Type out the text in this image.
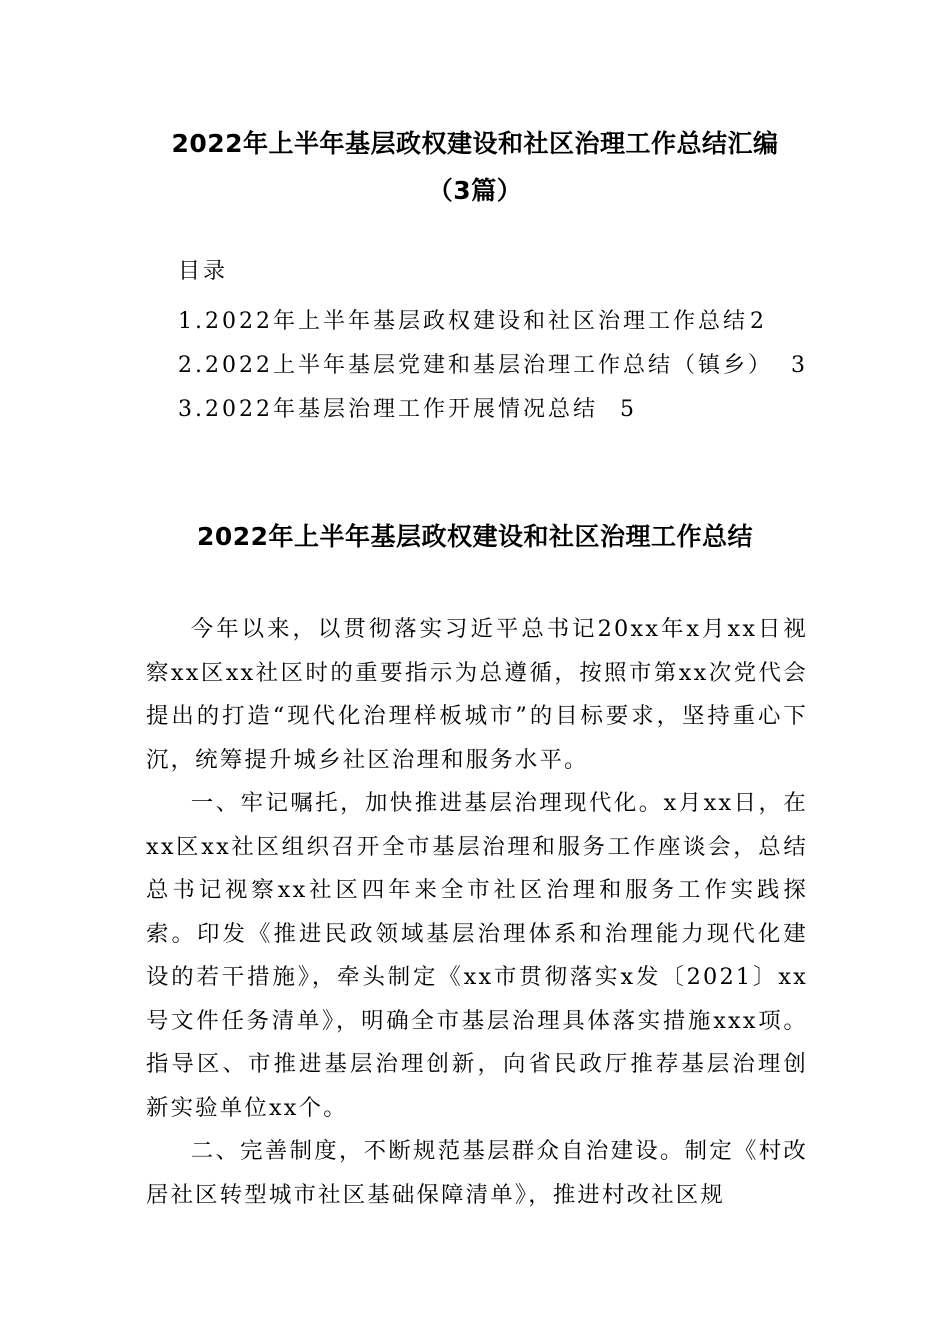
2022年上半年基层政权建设和社区治理工作总结汇编
（3篇）
目录
1.2022年上半年基层政权建设和社区治理工作总结2
2.2022上半年基层党建和基层治理工作总结（镇乡） 3
3.2022年基层治理工作开展情况总结 5
2022年上半年基层政权建设和社区治理工作总结

今年以来，以贯彻落实习近平总书记20xx年x月xx日视察xx区xx社区时的重要指示为总遵循，按照市第xx次党代会提出的打造“现代化治理样板城市”的目标要求，坚持重心下沉，统筹提升城乡社区治理和服务水平。

一、牢记嘱托，加快推进基层治理现代化。x月xx日，在xx区xx社区组织召开全市基层治理和服务工作座谈会，总结总书记视察xx社区四年来全市社区治理和服务工作实践探索。印发《推进民政领域基层治理体系和治理能力现代化建设的若干措施》，牵头制定《xx市贯彻落实x发〔2021〕xx号文件任务清单》，明确全市基层治理具体落实措施xxx项。指导区、市推进基层治理创新，向省民政厅推荐基层治理创新实验单位xx个。

二、完善制度，不断规范基层群众自治建设。制定《村改居社区转型城市社区基础保障清单》，推进村改社区规
